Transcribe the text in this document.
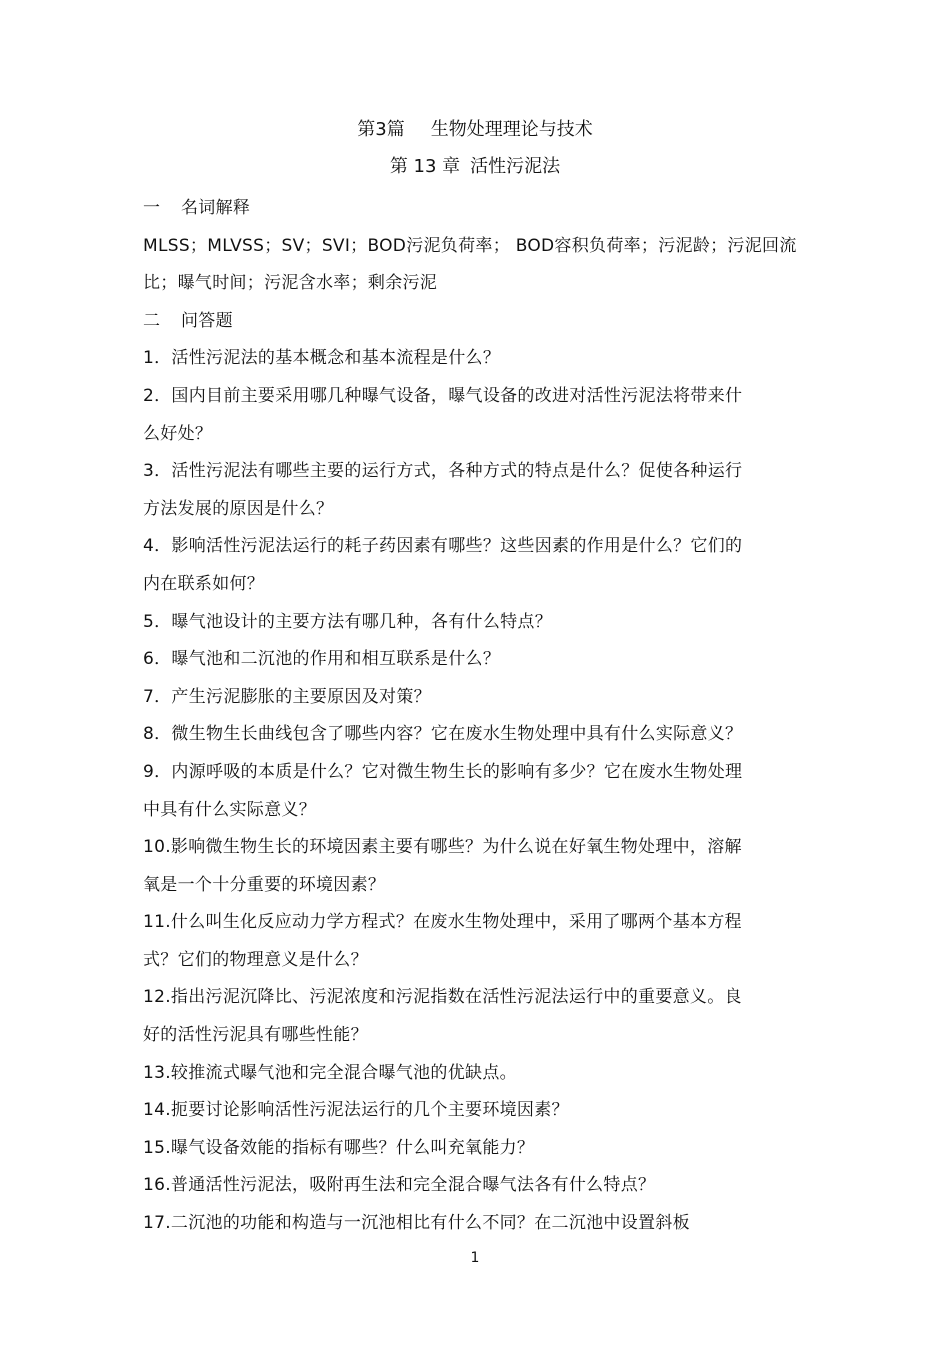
第3篇 生物处理理论与技术
第 13 章 活性污泥法
一 名词解释
MLSS；MLVSS；SV；SVI；BOD污泥负荷率； BOD容积负荷率；污泥龄；污泥回流
比；曝气时间；污泥含水率；剩余污泥
二 问答题
1．活性污泥法的基本概念和基本流程是什么？
2．国内目前主要采用哪几种曝气设备，曝气设备的改进对活性污泥法将带来什
么好处？
3．活性污泥法有哪些主要的运行方式，各种方式的特点是什么？促使各种运行
方法发展的原因是什么？
4．影响活性污泥法运行的耗子药因素有哪些？这些因素的作用是什么？它们的
内在联系如何？
5．曝气池设计的主要方法有哪几种，各有什么特点？
6．曝气池和二沉池的作用和相互联系是什么？
7．产生污泥膨胀的主要原因及对策？
8．微生物生长曲线包含了哪些内容？它在废水生物处理中具有什么实际意义？
9．内源呼吸的本质是什么？它对微生物生长的影响有多少？它在废水生物处理
中具有什么实际意义？
10.影响微生物生长的环境因素主要有哪些？为什么说在好氧生物处理中，溶解
氧是一个十分重要的环境因素？
11.什么叫生化反应动力学方程式？在废水生物处理中，采用了哪两个基本方程
式？它们的物理意义是什么？
12.指出污泥沉降比、污泥浓度和污泥指数在活性污泥法运行中的重要意义。良
好的活性污泥具有哪些性能？
13.较推流式曝气池和完全混合曝气池的优缺点。
14.扼要讨论影响活性污泥法运行的几个主要环境因素？
15.曝气设备效能的指标有哪些？什么叫充氧能力？
16.普通活性污泥法，吸附再生法和完全混合曝气法各有什么特点？
17.二沉池的功能和构造与一沉池相比有什么不同？在二沉池中设置斜板
1
